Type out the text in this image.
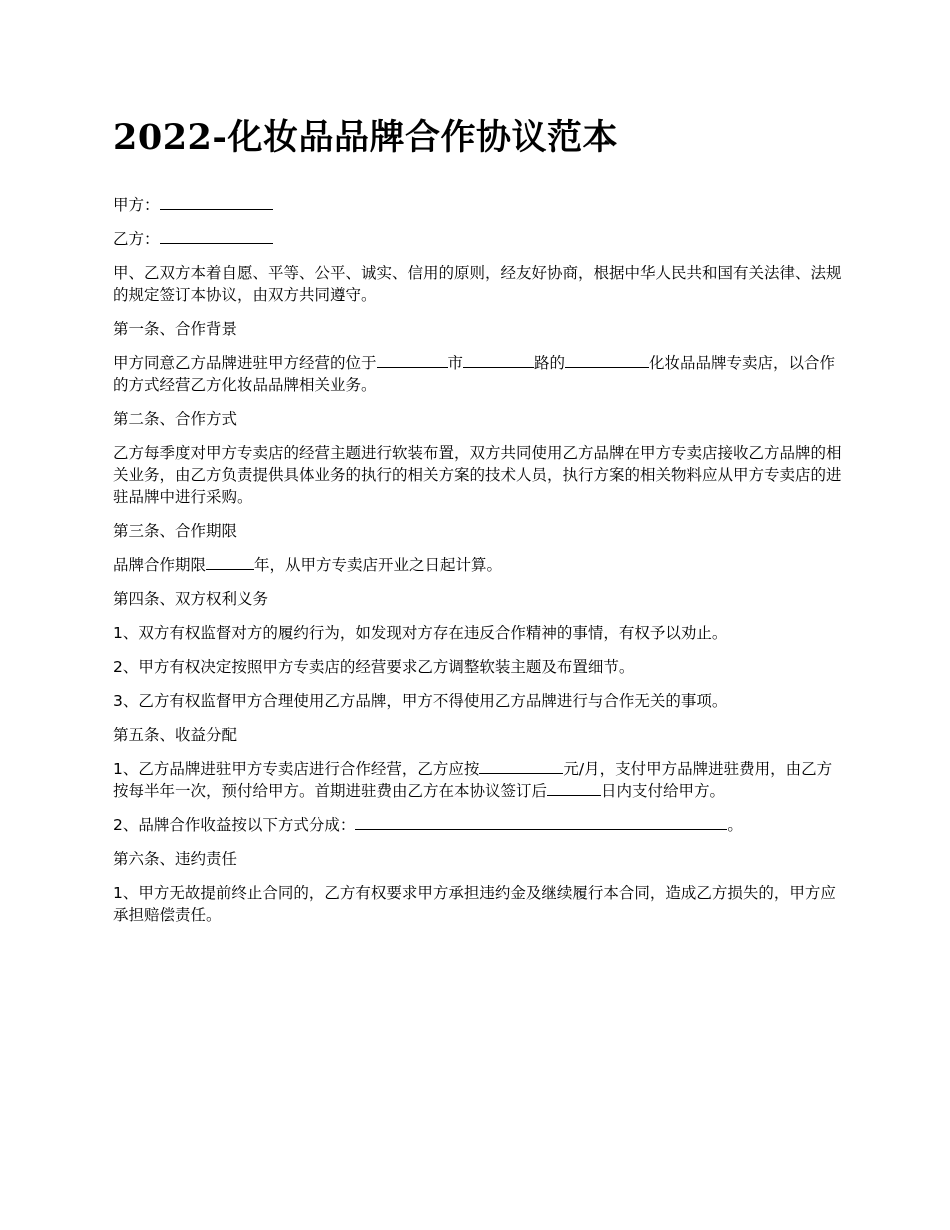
2022-化妆品品牌合作协议范本

甲方：

乙方：

甲、乙双方本着自愿、平等、公平、诚实、信用的原则，经友好协商，根据中华人民共和国有关法律、法规的规定签订本协议，由双方共同遵守。

第一条、合作背景

甲方同意乙方品牌进驻甲方经营的位于	市	路的	化妆品品牌专卖店，以合作的方式经营乙方化妆品品牌相关业务。

第二条、合作方式

乙方每季度对甲方专卖店的经营主题进行软装布置，双方共同使用乙方品牌在甲方专卖店接收乙方品牌的相关业务，由乙方负责提供具体业务的执行的相关方案的技术人员，执行方案的相关物料应从甲方专卖店的进驻品牌中进行采购。

第三条、合作期限

品牌合作期限	年，从甲方专卖店开业之日起计算。

第四条、双方权利义务

1、双方有权监督对方的履约行为，如发现对方存在违反合作精神的事情，有权予以劝止。

2、甲方有权决定按照甲方专卖店的经营要求乙方调整软装主题及布置细节。

3、乙方有权监督甲方合理使用乙方品牌，甲方不得使用乙方品牌进行与合作无关的事项。

第五条、收益分配

1、乙方品牌进驻甲方专卖店进行合作经营，乙方应按	元/月，支付甲方品牌进驻费用，由乙方按每半年一次，预付给甲方。首期进驻费由乙方在本协议签订后	日内支付给甲方。

2、品牌合作收益按以下方式分成：	。

第六条、违约责任

1、甲方无故提前终止合同的，乙方有权要求甲方承担违约金及继续履行本合同，造成乙方损失的，甲方应承担赔偿责任。
